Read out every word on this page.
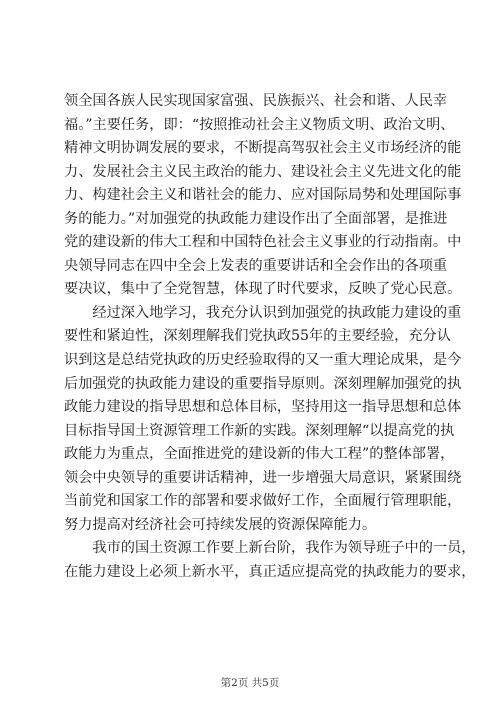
领全国各族人民实现国家富强、民族振兴、社会和谐、人民幸
福。”主要任务，即：“按照推动社会主义物质文明、政治文明、
精神文明协调发展的要求，不断提高驾驭社会主义市场经济的能
力、发展社会主义民主政治的能力、建设社会主义先进文化的能
力、构建社会主义和谐社会的能力、应对国际局势和处理国际事
务的能力。”对加强党的执政能力建设作出了全面部署，是推进
党的建设新的伟大工程和中国特色社会主义事业的行动指南。中
央领导同志在四中全会上发表的重要讲话和全会作出的各项重
要决议，集中了全党智慧，体现了时代要求，反映了党心民意。
　　经过深入地学习，我充分认识到加强党的执政能力建设的重
要性和紧迫性，深刻理解我们党执政55年的主要经验，充分认
识到这是总结党执政的历史经验取得的又一重大理论成果，是今
后加强党的执政能力建设的重要指导原则。深刻理解加强党的执
政能力建设的指导思想和总体目标，坚持用这一指导思想和总体
目标指导国土资源管理工作新的实践。深刻理解“以提高党的执
政能力为重点，全面推进党的建设新的伟大工程”的整体部署，
领会中央领导的重要讲话精神，进一步增强大局意识，紧紧围绕
当前党和国家工作的部署和要求做好工作，全面履行管理职能，
努力提高对经济社会可持续发展的资源保障能力。
　　我市的国土资源工作要上新台阶，我作为领导班子中的一员，
在能力建设上必须上新水平，真正适应提高党的执政能力的要求，
第2页 共5页
